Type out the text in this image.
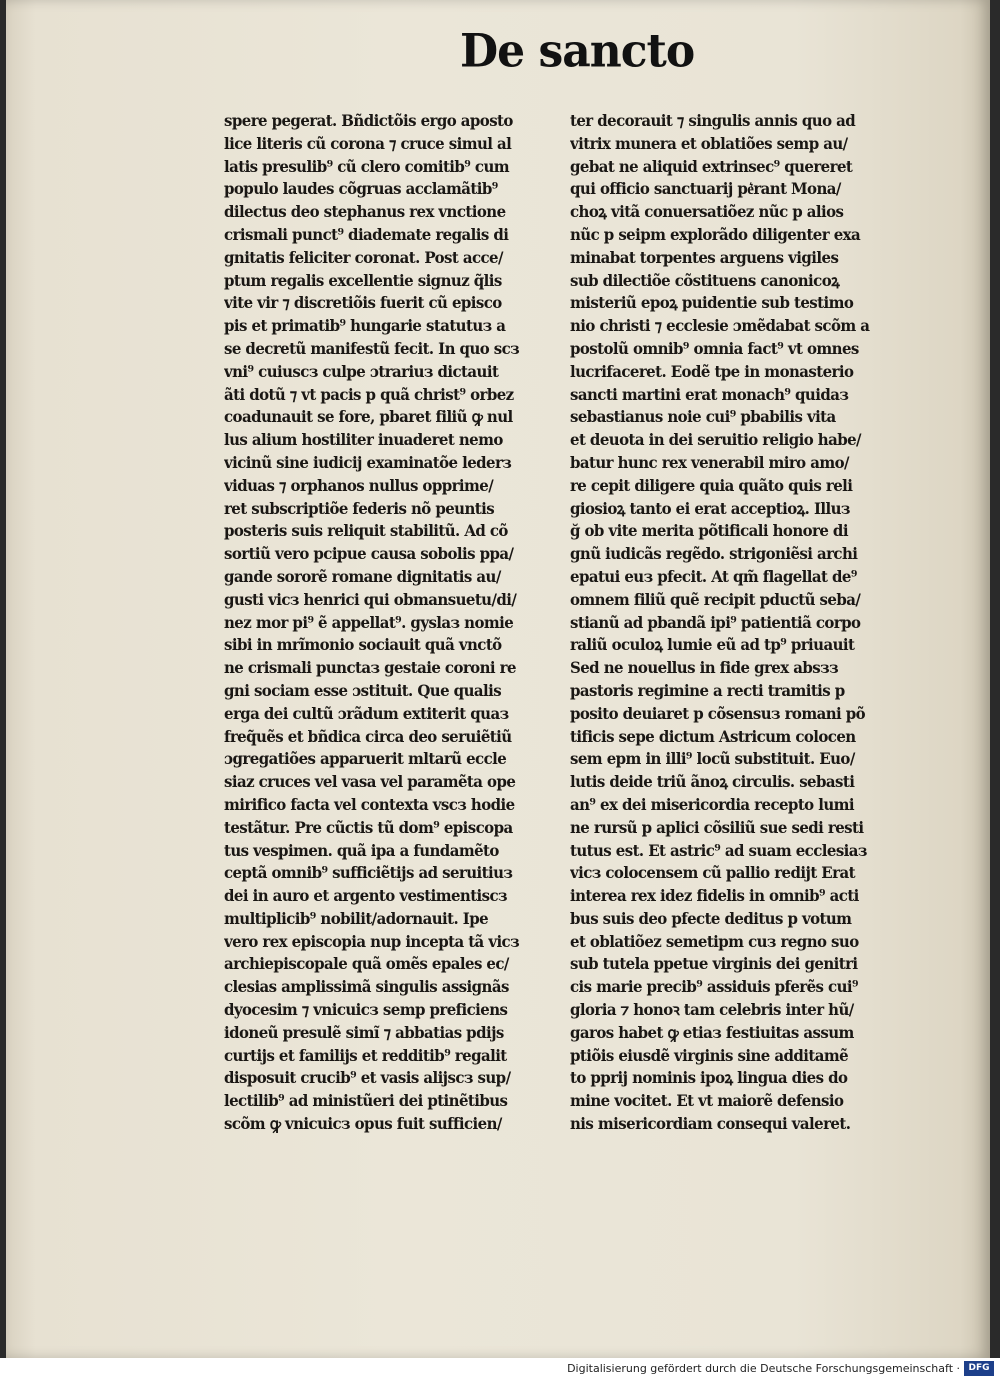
De sancto
spere pegerat. Bñdictõis ergo apostо
lice literis cũ corona ⁊ cruce simul al
latis presulib⁹ cũ clero comitib⁹ cum
populo laudes cõgruas acclamãtib⁹
dilectus deo stephanus rex vnctione
crismali punct⁹ diademate regalis di
gnitatis feliciter coronat. Post acce/
ptum regalis excellentie signuz q̃lis
vite vir ⁊ discretiõis fuerit cũ episco
pis et primatib⁹ hungarie statutuз a
se decretũ manifestũ fecit. In quo scз
vni⁹ cuiuscз culpe ɔtrariuз dictauit
ãti dotũ ⁊ vt pacis p quã christ⁹ orbez
coadunauit se fore, pbaret filiũ ꝙ nul
lus alium hostiliter inuaderet nemo
vicinũ sine iudicij examinatõe lederз
viduas ⁊ orphanos nullus opprime/
ret subscriptiõe federis nõ peuntis
posteris suis reliquit stabilitũ. Ad cõ
sortiũ vero pcipue causa sobolis ppa/
gande sororẽ romane dignitatis au/
gusti vicз henrici qui obmansuetu/di/
nez mor pi⁹ ẽ appellat⁹. gyslaз nomie
sibi in mrĩmonio sociauit quã vnctõ
ne crismali punctaз gestaie coroni re
gni sociam esse ɔstituit. Que qualis
erga dei cultũ ɔrãdum extiterit quaз
freq̃uẽs et bñdica circa deo seruiẽtiũ
ɔgregatiões apparuerit mltarũ eccle
siaz cruces vel vasa vel paramẽta ope
mirifico facta vel contexta vscз hodie
testãtur. Pre cũctis tũ dom⁹ episcopa
tus vespimen. quã ipa a fundamẽto
ceptã omnib⁹ sufficiẽtijs ad seruitiuз
dei in auro et argento vestimentiscз
multiplicib⁹ nobilit/adornauit. Ipe
vero rex episcopia nup incepta tã vicз
archiepiscopale quã omẽs epales ec/
clesias amplissimã singulis assignãs
dyocesim ⁊ vnicuicз semp preficiens
idoneũ presulẽ simĩ ⁊ abbatias pdijs
curtijs et familijs et redditib⁹ regalit
disposuit crucib⁹ et vasis alijscз sup/
lectilib⁹ ad ministũeri dei ptinẽtibus
scõm ꝙ vnicuicз opus fuit sufficien/
ter decorauit ⁊ singulis annis quo ad
vitrix munera et oblatiões semp au/
gebat ne aliquid extrinsec⁹ quereret
qui officio sanctuarij pe͛rant Mona/
choꝝ vitã conuersatiõez nũc p alios
nũc p seipm explorãdo diligenter exa
minabat torpentes arguens vigiles
sub dilectiõe cõstituens canonicoꝝ
misteriũ epoꝝ puidentie sub testimo
nio christi ⁊ ecclesie ɔmẽdabat scõm a
postolũ omnib⁹ omnia fact⁹ vt omnes
lucrifaceret. Eodẽ tpe in monasterio
sancti martini erat monach⁹ quidaз
sebastianus noie cui⁹ pbabilis vita
et deuota in dei seruitio religio habe/
batur hunc rex venerabil miro amo/
re cepit diligere quia quãto quis reli
giosioꝝ tanto ei erat acceptioꝝ. Illuз
ğ ob vite merita põtificali honore di
gnũ iudicãs regẽdo. strigoniẽsi archi
epatui euз pfecit. At qm̃ flagellat de⁹
omnem filiũ quẽ recipit pductũ seba/
stianũ ad pbandã ipi⁹ patientiã corpo
raliũ oculoꝝ lumie eũ ad tp⁹ priuauit
Sed ne nouellus in fide grex absзз
pastoris regimine a recti tramitis p
posito deuiaret p cõsensuз romani põ
tificis sepe dictum Astricum colocen
sem epm in illi⁹ locũ substituit. Euo/
lutis deide triũ ãnoꝝ circulis. sebasti
an⁹ ex dei misericordia recepto lumi
ne rursũ p aplici cõsiliũ sue sedi resti
tutus est. Et astric⁹ ad suam ecclesiaз
vicз colocensem cũ pallio redijt Erat
interea rex idez fidelis in omnib⁹ acti
bus suis deo pfecte deditus p votum
et oblatiõez semetipm cuз regno suo
sub tutela ppetue virginis dei genitri
cis marie precib⁹ assiduis pferẽs cui⁹
gloria ⁊ honoꝛ tam celebris inter hũ/
garos habet ꝙ etiaз festiuitas assum
ptiõis eiusdẽ virginis sine additamẽ
to pprij nominis ipoꝝ lingua dies do
mine vocitet. Et vt maiorẽ defensio
nis misericordiam consequi valeret.
Digitalisierung gefördert durch die Deutsche Forschungsgemeinschaft · DFG
